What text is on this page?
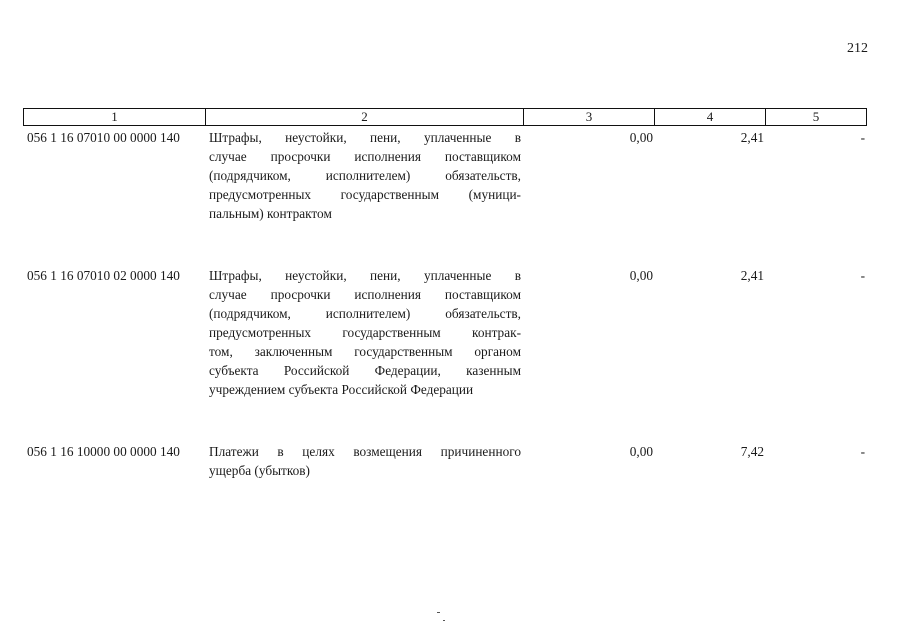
212
1	2	3	4	5
056 1 16 07010 00 0000 140 Штрафы, неустойки, пени, уплаченные в
случае просрочки исполнения поставщиком
(подрядчиком, исполнителем) обязательств,
предусмотренных государственным (муници-
пальным) контрактом
0,00	2,41	-
056 1 16 07010 02 0000 140 Штрафы, неустойки, пени, уплаченные в
случае просрочки исполнения поставщиком
(подрядчиком, исполнителем) обязательств,
предусмотренных государственным контрак-
том, заключенным государственным органом
субъекта Российской Федерации, казенным
учреждением субъекта Российской Федерации
0,00	2,41	-
056 1 16 10000 00 0000 140 Платежи в целях возмещения причиненного
ущерба (убытков)
0,00	7,42	-
